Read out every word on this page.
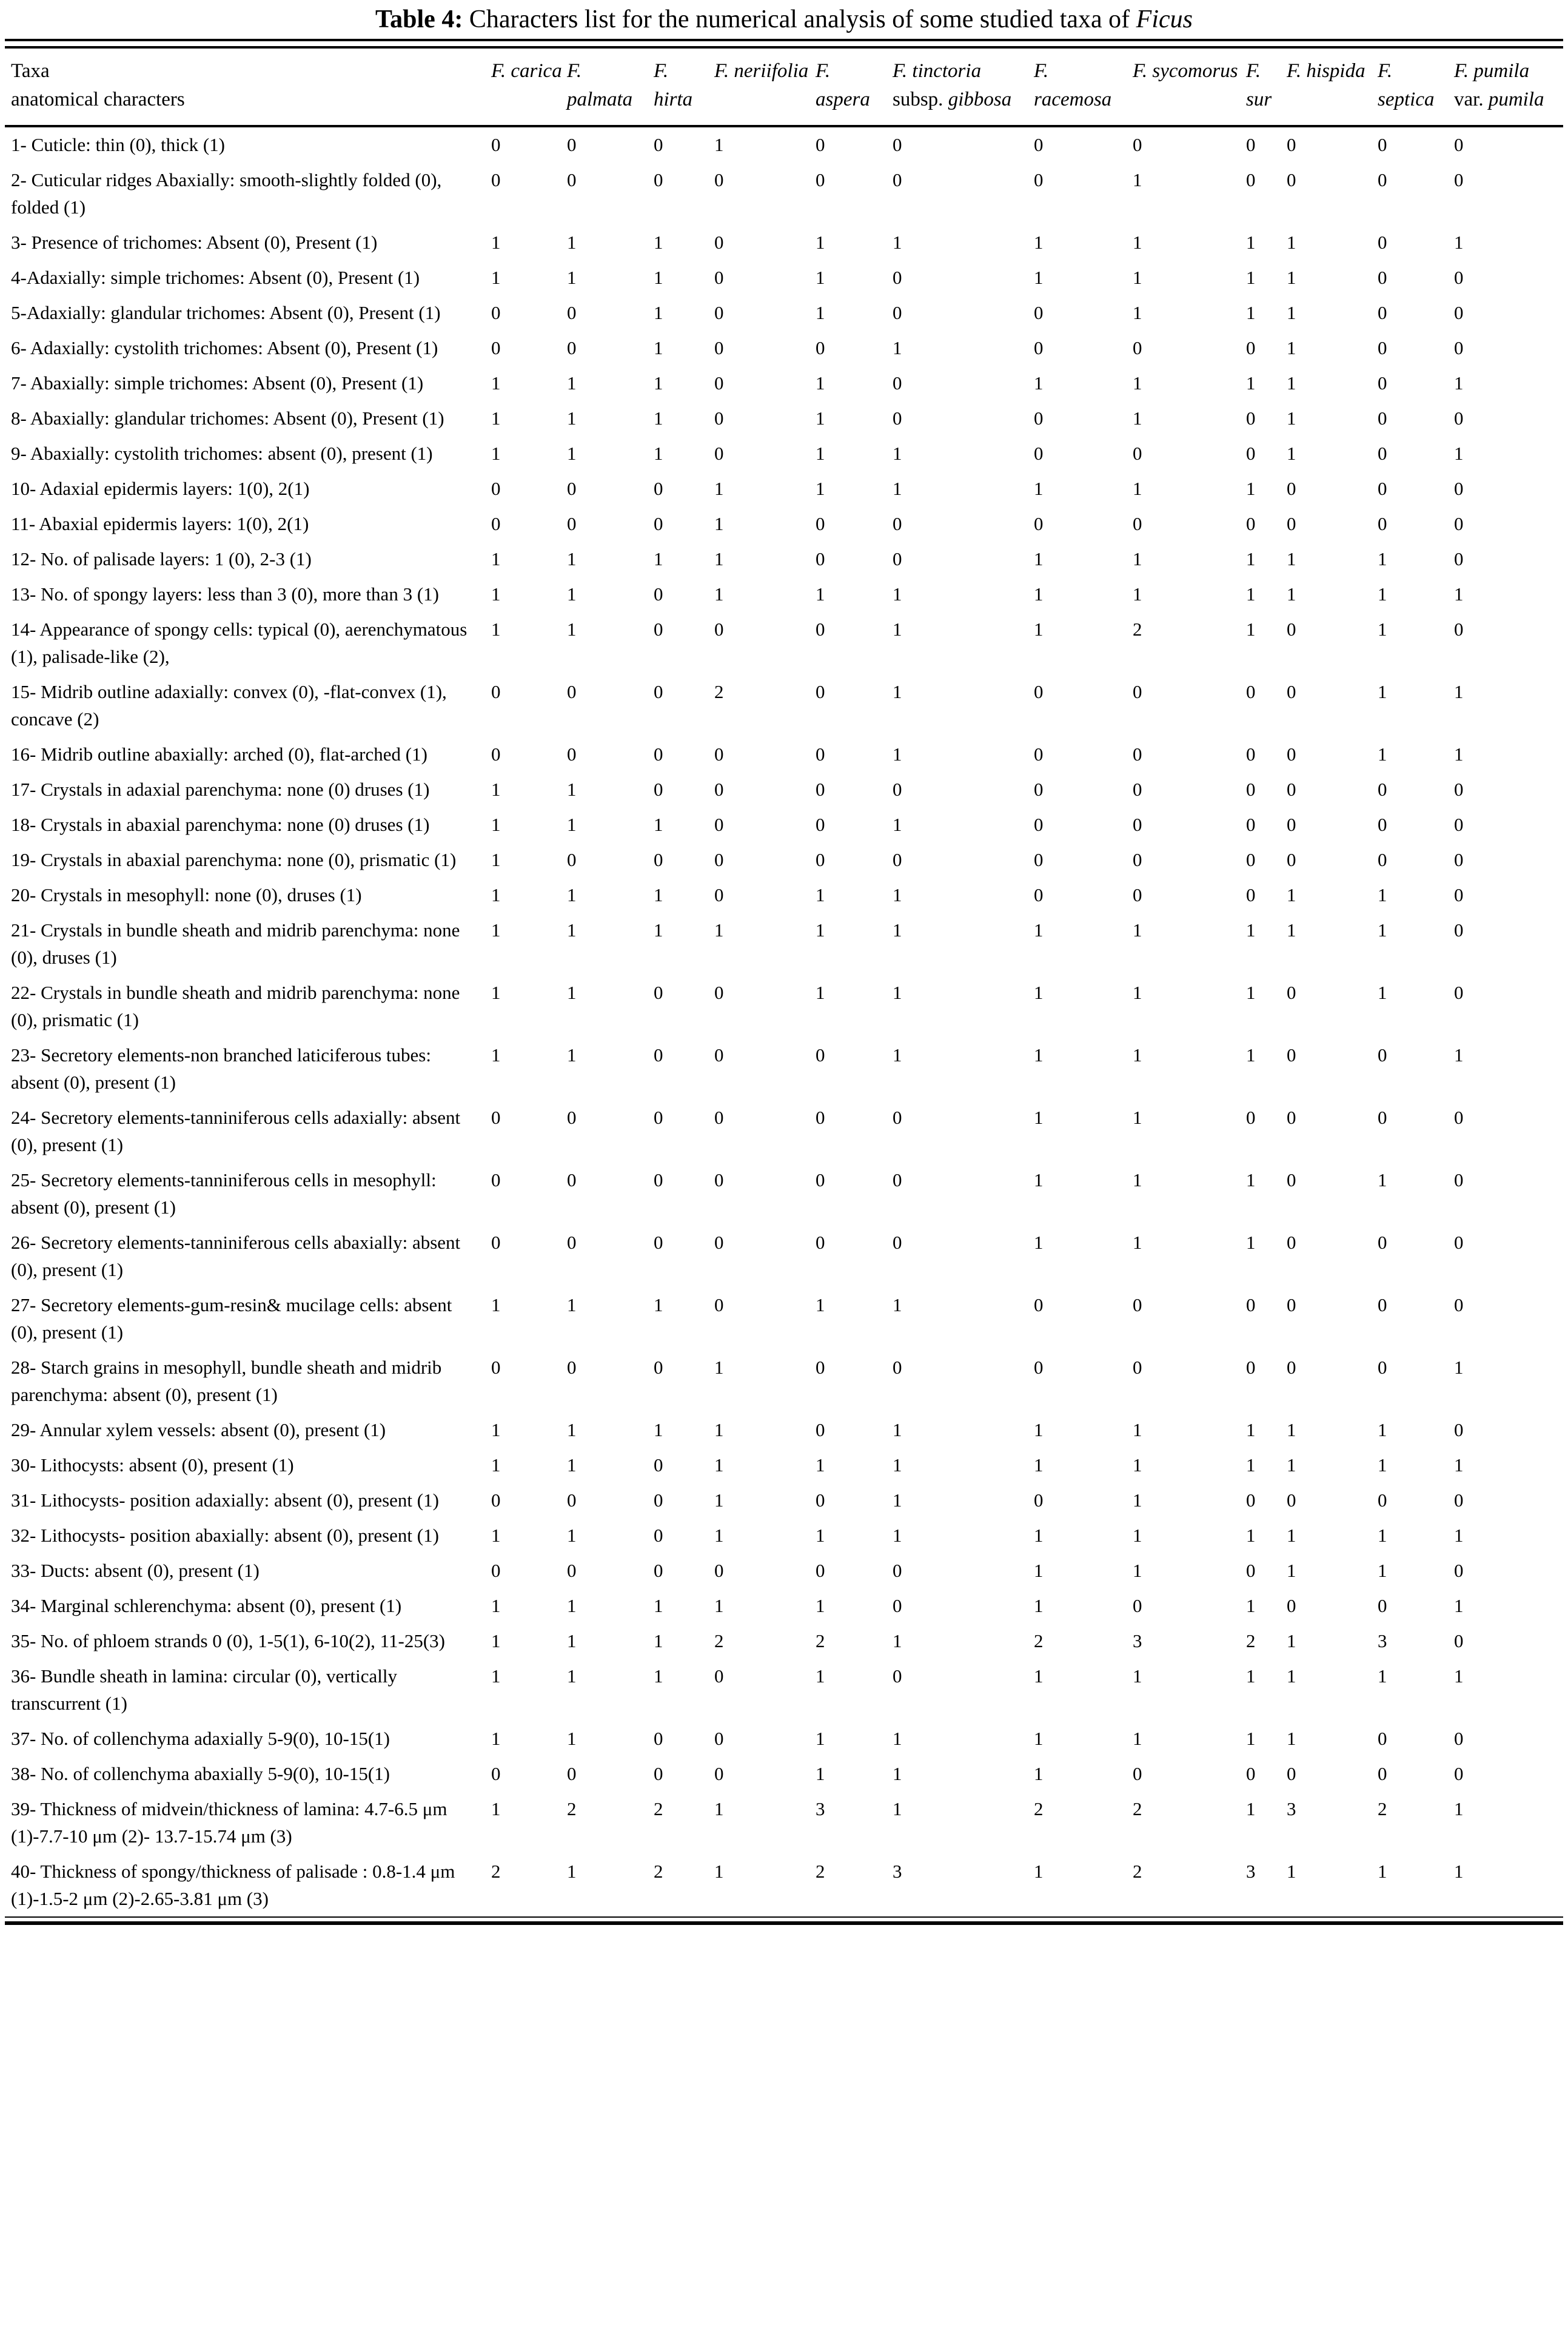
Table 4: Characters list for the numerical analysis of some studied taxa of Ficus
Taxa
anatomical characters	F. carica	F. palmata	F. hirta	F. neriifolia	F. aspera	F. tinctoria subsp. gibbosa	F. racemosa	F. sycomorus	F. sur	F. hispida	F. septica	F. pumila var. pumila
1- Cuticle: thin (0), thick (1)	0	0	0	1	0	0	0	0	0	0	0	0
2- Cuticular ridges Abaxially: smooth-slightly folded (0), folded (1)	0	0	0	0	0	0	0	1	0	0	0	0
3- Presence of trichomes: Absent (0), Present (1)	1	1	1	0	1	1	1	1	1	1	0	1
4-Adaxially: simple trichomes: Absent (0), Present (1)	1	1	1	0	1	0	1	1	1	1	0	0
5-Adaxially: glandular trichomes: Absent (0), Present (1)	0	0	1	0	1	0	0	1	1	1	0	0
6- Adaxially: cystolith trichomes: Absent (0), Present (1)	0	0	1	0	0	1	0	0	0	1	0	0
7- Abaxially: simple trichomes: Absent (0), Present (1)	1	1	1	0	1	0	1	1	1	1	0	1
8- Abaxially: glandular trichomes: Absent (0), Present (1)	1	1	1	0	1	0	0	1	0	1	0	0
9- Abaxially: cystolith trichomes: absent (0), present (1)	1	1	1	0	1	1	0	0	0	1	0	1
10- Adaxial epidermis layers: 1(0), 2(1)	0	0	0	1	1	1	1	1	1	0	0	0
11- Abaxial epidermis layers: 1(0), 2(1)	0	0	0	1	0	0	0	0	0	0	0	0
12- No. of palisade layers: 1 (0), 2-3 (1)	1	1	1	1	0	0	1	1	1	1	1	0
13- No. of spongy layers: less than 3 (0), more than 3 (1)	1	1	0	1	1	1	1	1	1	1	1	1
14- Appearance of spongy cells: typical (0), aerenchymatous (1), palisade-like (2),	1	1	0	0	0	1	1	2	1	0	1	0
15- Midrib outline adaxially: convex (0), -flat-convex (1), concave (2)	0	0	0	2	0	1	0	0	0	0	1	1
16- Midrib outline abaxially: arched (0), flat-arched (1)	0	0	0	0	0	1	0	0	0	0	1	1
17- Crystals in adaxial parenchyma: none (0) druses (1)	1	1	0	0	0	0	0	0	0	0	0	0
18- Crystals in abaxial parenchyma: none (0) druses (1)	1	1	1	0	0	1	0	0	0	0	0	0
19- Crystals in abaxial parenchyma: none (0), prismatic (1)	1	0	0	0	0	0	0	0	0	0	0	0
20- Crystals in mesophyll: none (0), druses (1)	1	1	1	0	1	1	0	0	0	1	1	0
21- Crystals in bundle sheath and midrib parenchyma: none (0), druses (1)	1	1	1	1	1	1	1	1	1	1	1	0
22- Crystals in bundle sheath and midrib parenchyma: none (0), prismatic (1)	1	1	0	0	1	1	1	1	1	0	1	0
23- Secretory elements-non branched laticiferous tubes: absent (0), present (1)	1	1	0	0	0	1	1	1	1	0	0	1
24- Secretory elements-tanniniferous cells adaxially: absent (0), present (1)	0	0	0	0	0	0	1	1	0	0	0	0
25- Secretory elements-tanniniferous cells in mesophyll: absent (0), present (1)	0	0	0	0	0	0	1	1	1	0	1	0
26- Secretory elements-tanniniferous cells abaxially: absent (0), present (1)	0	0	0	0	0	0	1	1	1	0	0	0
27- Secretory elements-gum-resin& mucilage cells: absent (0), present (1)	1	1	1	0	1	1	0	0	0	0	0	0
28- Starch grains in mesophyll, bundle sheath and midrib parenchyma: absent (0), present (1)	0	0	0	1	0	0	0	0	0	0	0	1
29- Annular xylem vessels: absent (0), present (1)	1	1	1	1	0	1	1	1	1	1	1	0
30- Lithocysts: absent (0), present (1)	1	1	0	1	1	1	1	1	1	1	1	1
31- Lithocysts- position adaxially: absent (0), present (1)	0	0	0	1	0	1	0	1	0	0	0	0
32- Lithocysts- position abaxially: absent (0), present (1)	1	1	0	1	1	1	1	1	1	1	1	1
33- Ducts: absent (0), present (1)	0	0	0	0	0	0	1	1	0	1	1	0
34- Marginal schlerenchyma: absent (0), present (1)	1	1	1	1	1	0	1	0	1	0	0	1
35- No. of phloem strands 0 (0), 1-5(1), 6-10(2), 11-25(3)	1	1	1	2	2	1	2	3	2	1	3	0
36- Bundle sheath in lamina: circular (0), vertically transcurrent (1)	1	1	1	0	1	0	1	1	1	1	1	1
37- No. of collenchyma adaxially 5-9(0), 10-15(1)	1	1	0	0	1	1	1	1	1	1	0	0
38- No. of collenchyma abaxially 5-9(0), 10-15(1)	0	0	0	0	1	1	1	0	0	0	0	0
39- Thickness of midvein/thickness of lamina: 4.7-6.5 μm (1)-7.7-10 μm (2)- 13.7-15.74 μm (3)	1	2	2	1	3	1	2	2	1	3	2	1
40- Thickness of spongy/thickness of palisade : 0.8-1.4 μm (1)-1.5-2 μm (2)-2.65-3.81 μm (3)	2	1	2	1	2	3	1	2	3	1	1	1
